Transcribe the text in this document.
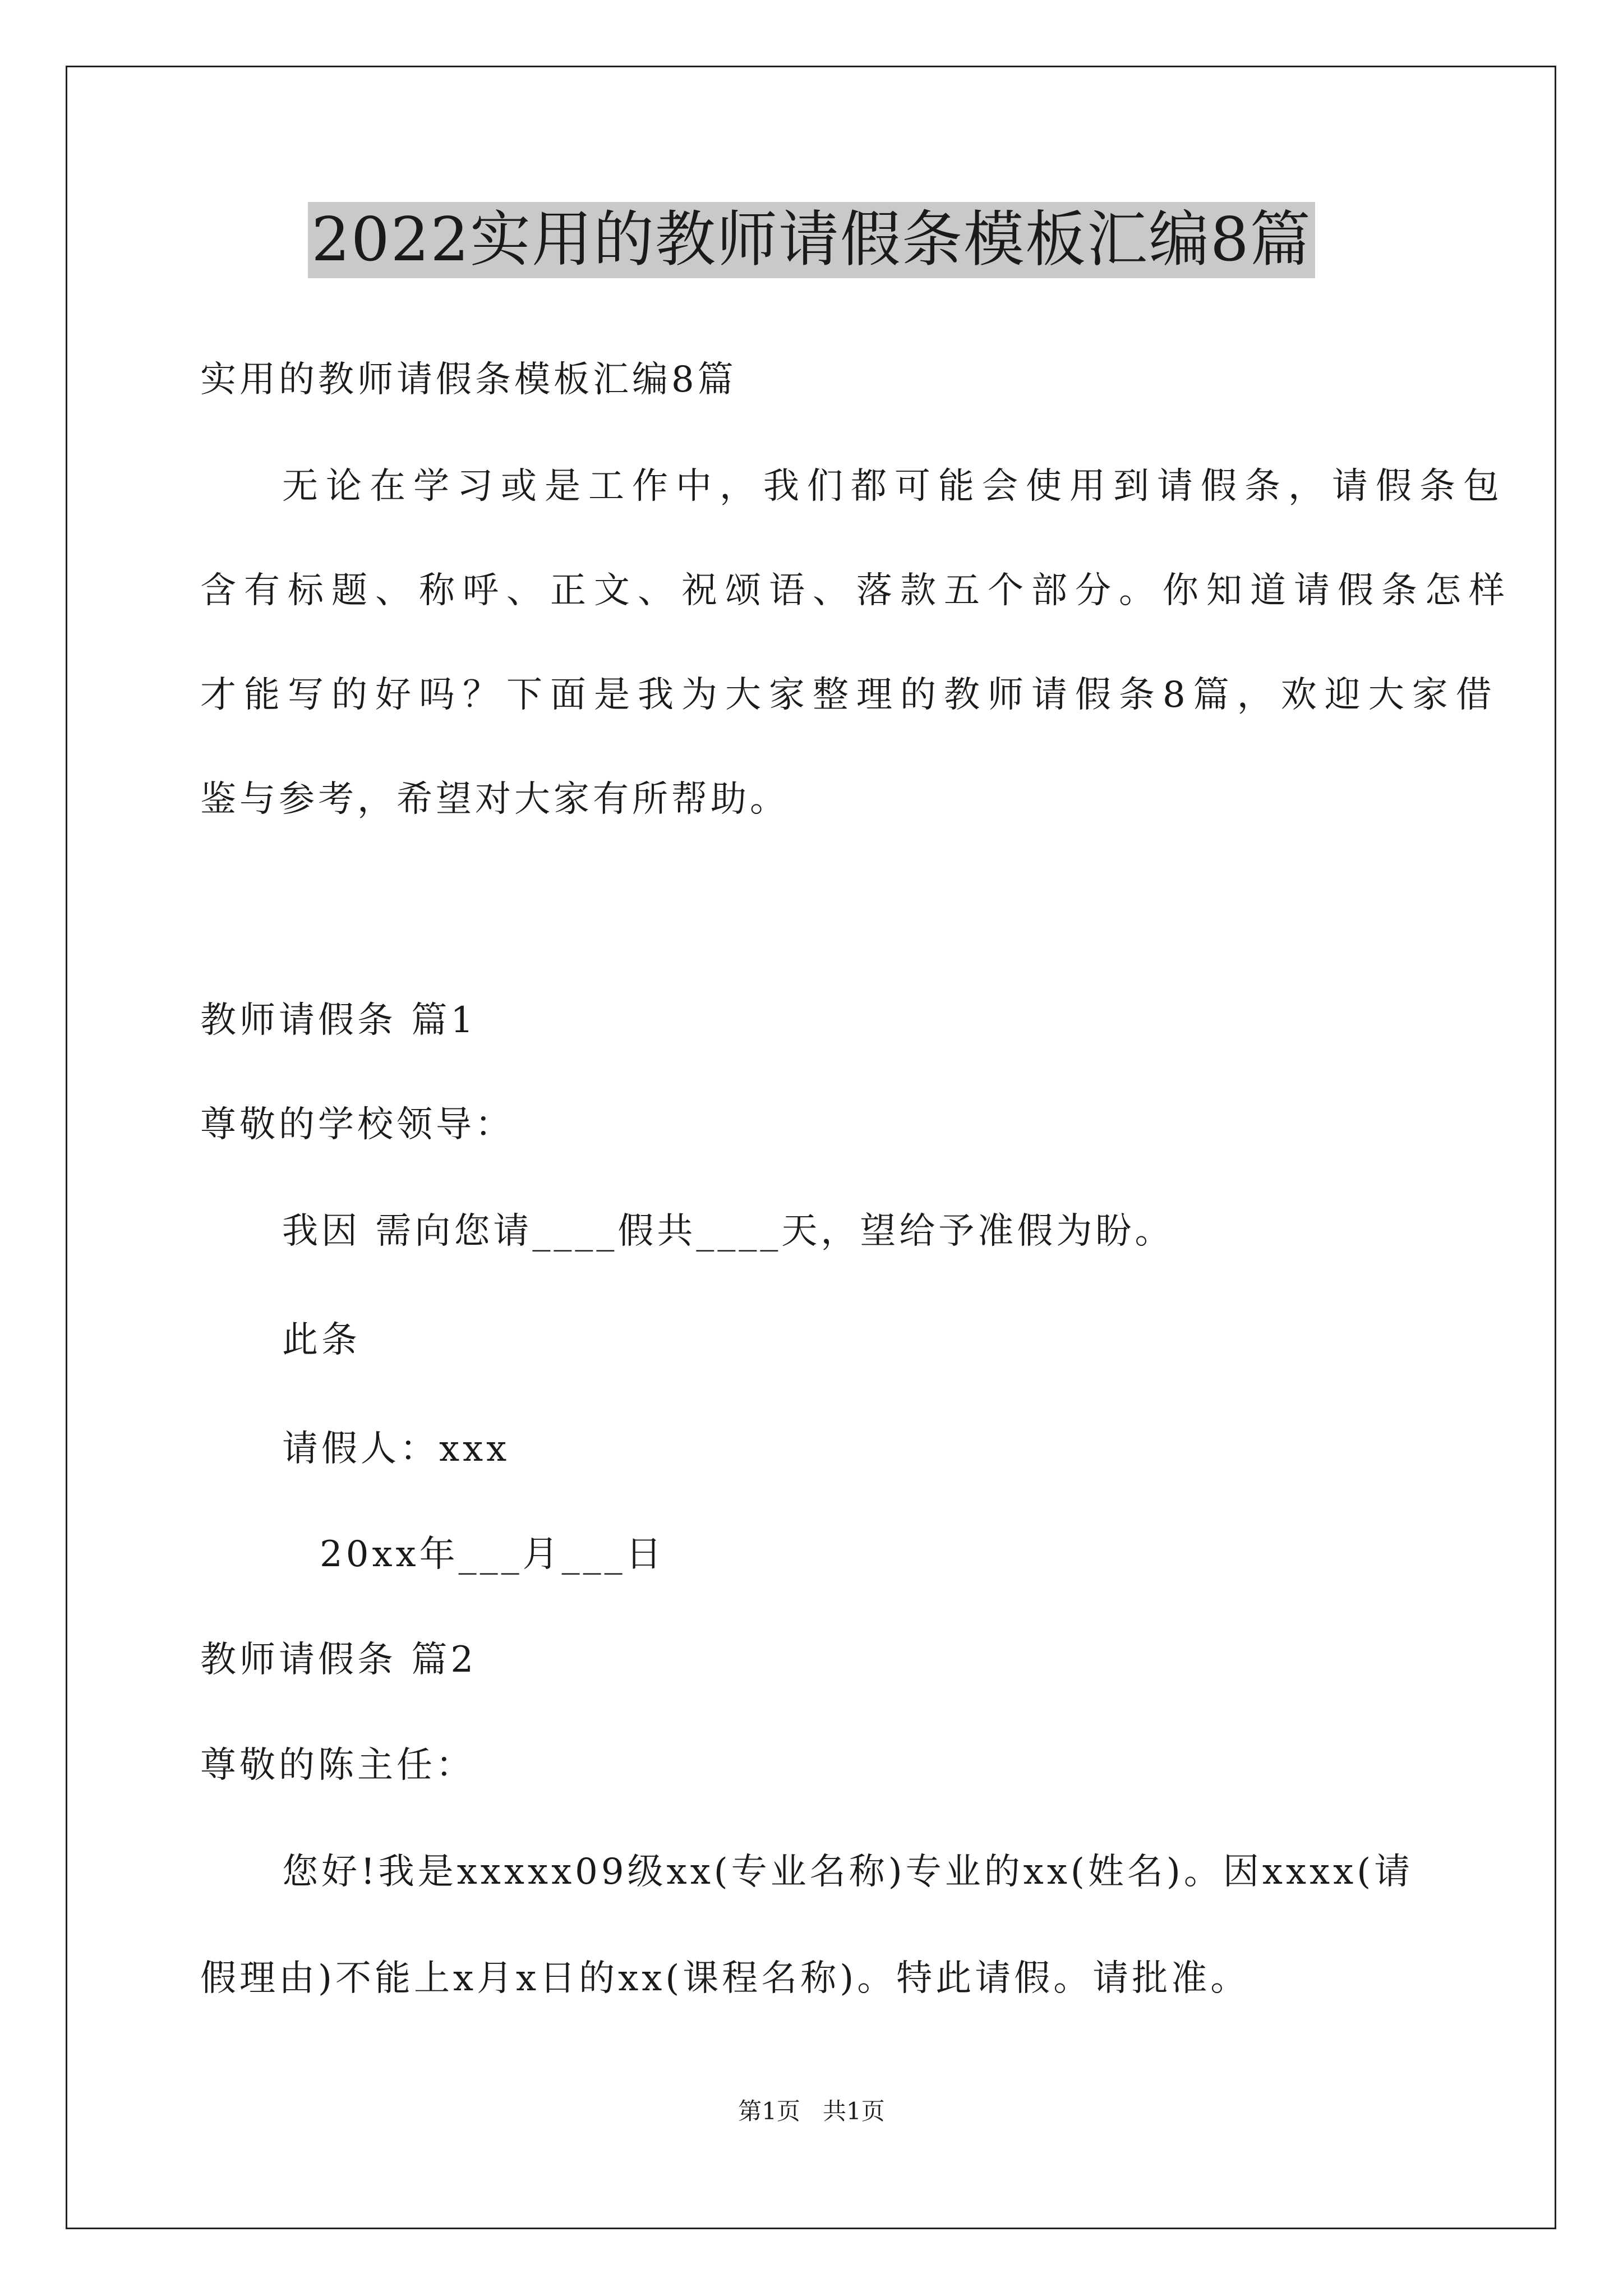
2022实用的教师请假条模板汇编8篇
实用的教师请假条模板汇编8篇
无论在学习或是工作中，我们都可能会使用到请假条，请假条包
含有标题、称呼、正文、祝颂语、落款五个部分。你知道请假条怎样
才能写的好吗？下面是我为大家整理的教师请假条8篇，欢迎大家借
鉴与参考，希望对大家有所帮助。
教师请假条 篇1
尊敬的学校领导：
我因 需向您请____假共____天，望给予准假为盼。
此条
请假人：xxx
20xx年___月___日
教师请假条 篇2
尊敬的陈主任：
您好!我是xxxxx09级xx(专业名称)专业的xx(姓名)。因xxxx(请
假理由)不能上x月x日的xx(课程名称)。特此请假。请批准。
第1页   共1页
